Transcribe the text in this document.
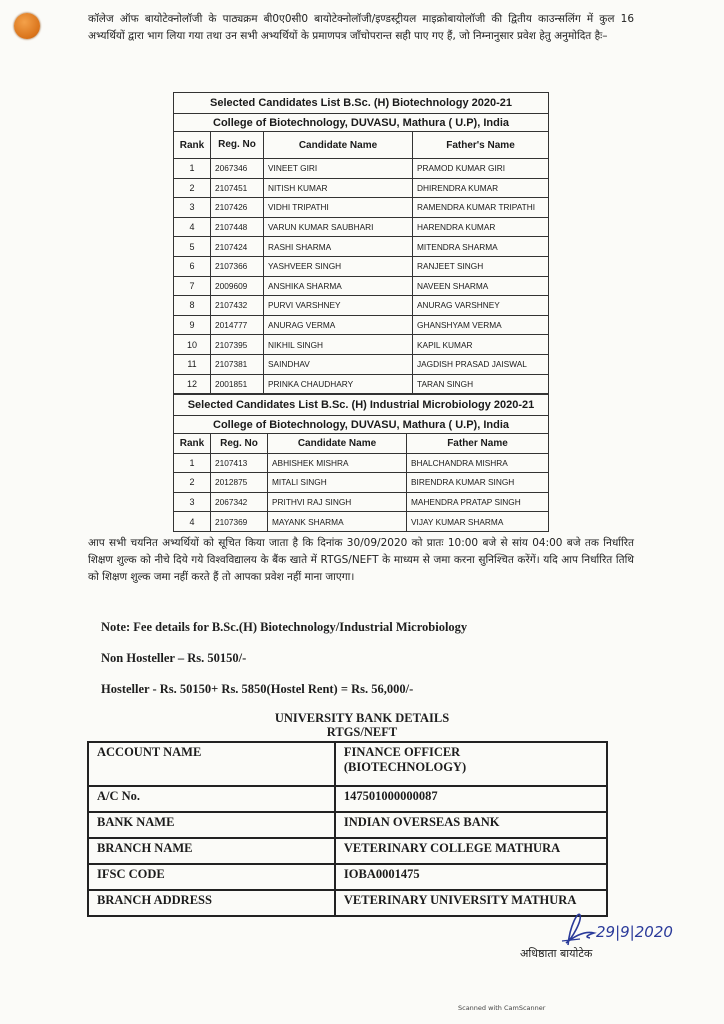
कॉलेज ऑफ बायोटेक्नोलॉजी के पाठ्यक्रम बी0ए0सी0 बायोटेक्नोलॉजी/इण्डस्ट्रीयल माइक्रोबायोलॉजी की द्वितीय काउन्सलिंग में कुल 16 अभ्यर्थियों द्वारा भाग लिया गया तथा उन सभी अभ्यर्थियों के प्रमाणपत्र जाँचोपरान्त सही पाए गए हैं, जो निम्नानुसार प्रवेश हेतु अनुमोदित हैः–
Selected Candidates List B.Sc. (H) Biotechnology 2020-21			
College of Biotechnology, DUVASU, Mathura ( U.P), India			
Rank	Reg. No	Candidate Name	Father's Name
1	2067346	VINEET GIRI	PRAMOD KUMAR GIRI
2	2107451	NITISH KUMAR	DHIRENDRA KUMAR
3	2107426	VIDHI TRIPATHI	RAMENDRA KUMAR TRIPATHI
4	2107448	VARUN KUMAR SAUBHARI	HARENDRA KUMAR
5	2107424	RASHI SHARMA	MITENDRA SHARMA
6	2107366	YASHVEER SINGH	RANJEET SINGH
7	2009609	ANSHIKA SHARMA	NAVEEN SHARMA
8	2107432	PURVI VARSHNEY	ANURAG VARSHNEY
9	2014777	ANURAG VERMA	GHANSHYAM VERMA
10	2107395	NIKHIL SINGH	KAPIL KUMAR
11	2107381	SAINDHAV	JAGDISH PRASAD JAISWAL
12	2001851	PRINKA CHAUDHARY	TARAN SINGH
Selected Candidates List B.Sc. (H) Industrial Microbiology 2020-21			
College of Biotechnology, DUVASU, Mathura ( U.P), India			
Rank	Reg. No	Candidate Name	Father Name
1	2107413	ABHISHEK MISHRA	BHALCHANDRA MISHRA
2	2012875	MITALI SINGH	BIRENDRA KUMAR SINGH
3	2067342	PRITHVI RAJ SINGH	MAHENDRA PRATAP SINGH
4	2107369	MAYANK SHARMA	VIJAY KUMAR SHARMA
आप सभी चयनित अभ्यर्थियों को सूचित किया जाता है कि दिनांक 30/09/2020 को प्रातः 10:00 बजे से सांय 04:00 बजे तक निर्धारित शिक्षण शुल्क को नीचे दिये गये विश्वविद्यालय के बैंक खाते में RTGS/NEFT के माध्यम से जमा करना सुनिश्चित करेंगें। यदि आप निर्धारित तिथि को शिक्षण शुल्क जमा नहीं करते हैं तो आपका प्रवेश नहीं माना जाएगा।
Note: Fee details for B.Sc.(H) Biotechnology/Industrial Microbiology
Non Hosteller – Rs. 50150/-
Hosteller - Rs. 50150+ Rs. 5850(Hostel Rent) = Rs. 56,000/-
UNIVERSITY BANK DETAILS
RTGS/NEFT
ACCOUNT NAME	FINANCE OFFICER (BIOTECHNOLOGY)

A/C No.	147501000000087
BANK NAME	INDIAN OVERSEAS BANK
BRANCH NAME	VETERINARY COLLEGE MATHURA
IFSC CODE	IOBA0001475
BRANCH ADDRESS	VETERINARY UNIVERSITY MATHURA
29|9|2020
अधिष्ठाता बायोटेक
Scanned with CamScanner
